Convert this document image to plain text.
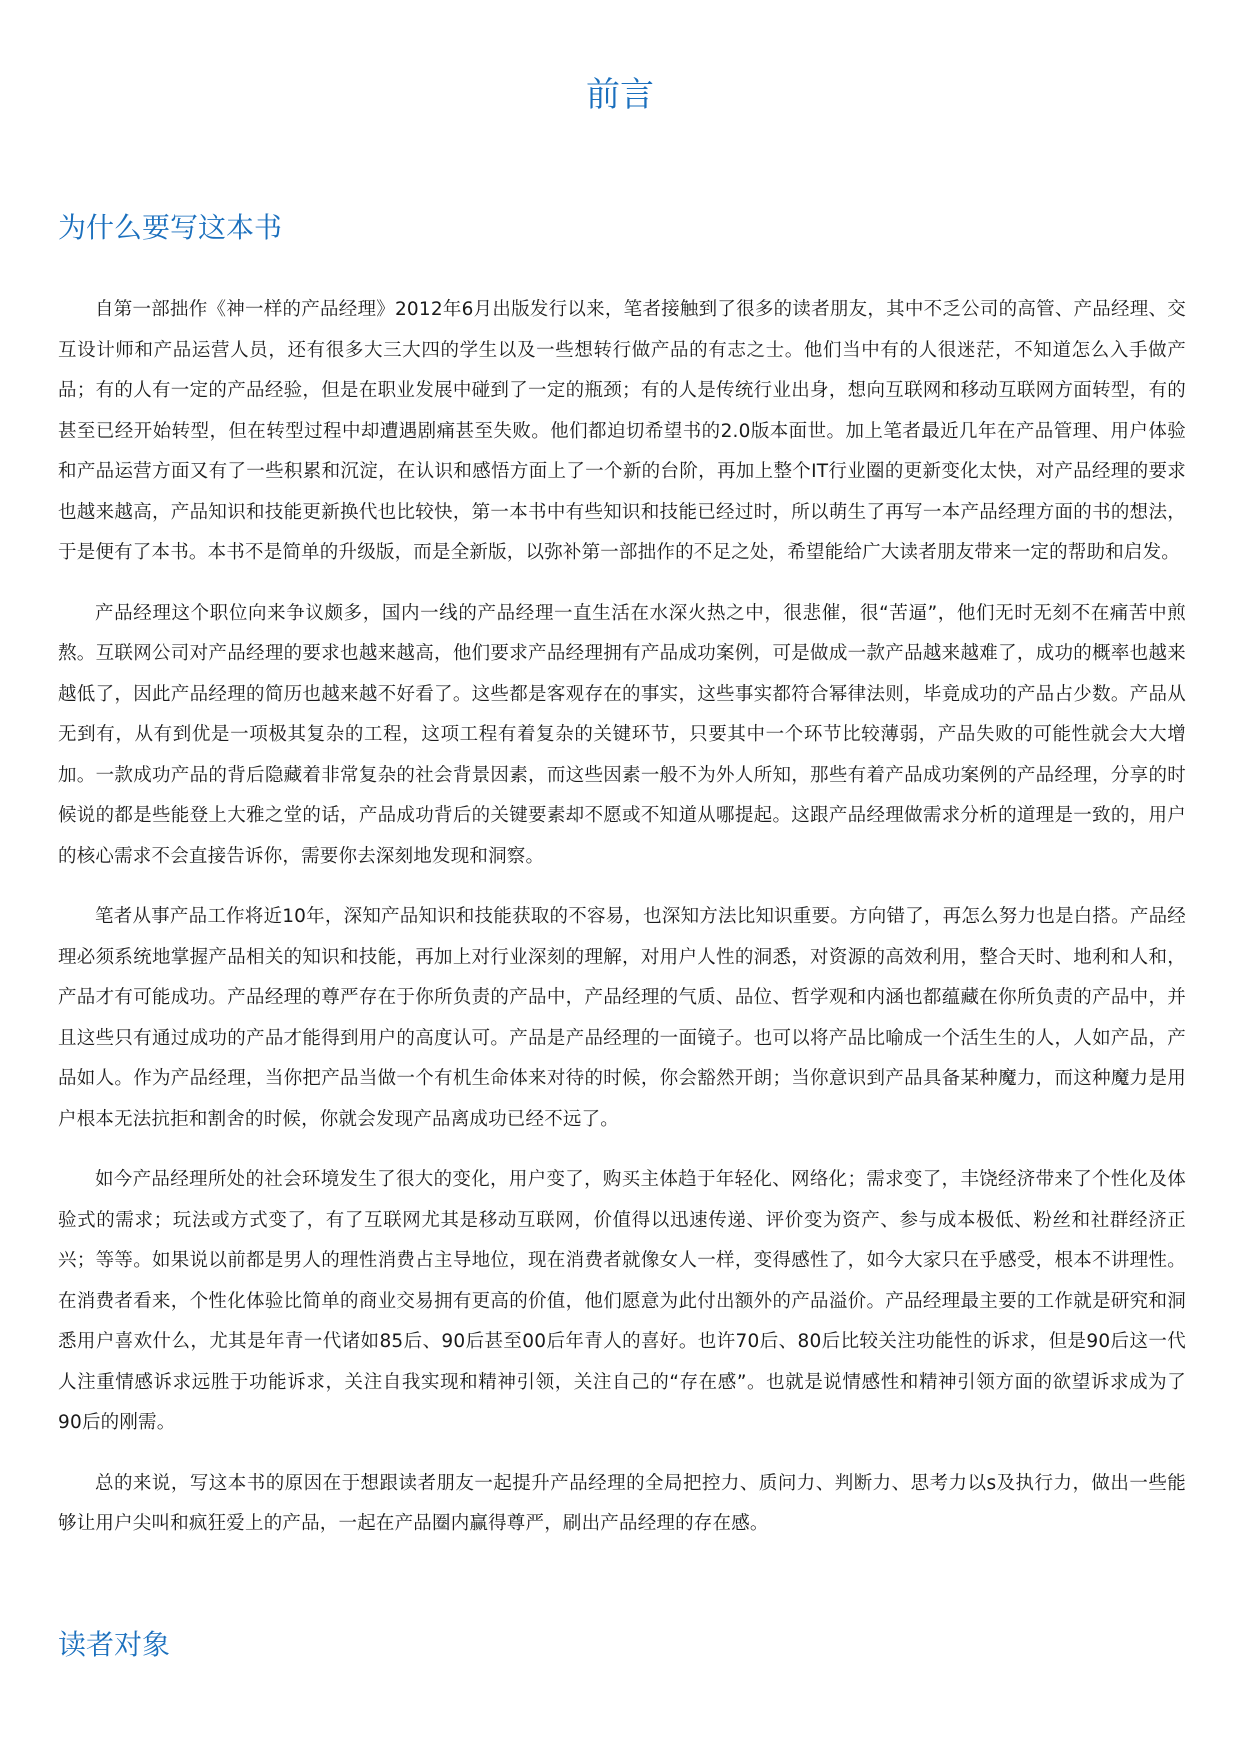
前言
为什么要写这本书

自第一部拙作《神一样的产品经理》2012年6月出版发行以来，笔者接触到了很多的读者朋友，其中不乏公司的高管、产品经理、交互设计师和产品运营人员，还有很多大三大四的学生以及一些想转行做产品的有志之士。他们当中有的人很迷茫，不知道怎么入手做产品；有的人有一定的产品经验，但是在职业发展中碰到了一定的瓶颈；有的人是传统行业出身，想向互联网和移动互联网方面转型，有的甚至已经开始转型，但在转型过程中却遭遇剧痛甚至失败。他们都迫切希望书的2.0版本面世。加上笔者最近几年在产品管理、用户体验和产品运营方面又有了一些积累和沉淀，在认识和感悟方面上了一个新的台阶，再加上整个IT行业圈的更新变化太快，对产品经理的要求也越来越高，产品知识和技能更新换代也比较快，第一本书中有些知识和技能已经过时，所以萌生了再写一本产品经理方面的书的想法，于是便有了本书。本书不是简单的升级版，而是全新版，以弥补第一部拙作的不足之处，希望能给广大读者朋友带来一定的帮助和启发。

产品经理这个职位向来争议颇多，国内一线的产品经理一直生活在水深火热之中，很悲催，很“苦逼”，他们无时无刻不在痛苦中煎熬。互联网公司对产品经理的要求也越来越高，他们要求产品经理拥有产品成功案例，可是做成一款产品越来越难了，成功的概率也越来越低了，因此产品经理的简历也越来越不好看了。这些都是客观存在的事实，这些事实都符合幂律法则，毕竟成功的产品占少数。产品从无到有，从有到优是一项极其复杂的工程，这项工程有着复杂的关键环节，只要其中一个环节比较薄弱，产品失败的可能性就会大大增加。一款成功产品的背后隐藏着非常复杂的社会背景因素，而这些因素一般不为外人所知，那些有着产品成功案例的产品经理，分享的时候说的都是些能登上大雅之堂的话，产品成功背后的关键要素却不愿或不知道从哪提起。这跟产品经理做需求分析的道理是一致的，用户的核心需求不会直接告诉你，需要你去深刻地发现和洞察。

笔者从事产品工作将近10年，深知产品知识和技能获取的不容易，也深知方法比知识重要。方向错了，再怎么努力也是白搭。产品经理必须系统地掌握产品相关的知识和技能，再加上对行业深刻的理解，对用户人性的洞悉，对资源的高效利用，整合天时、地利和人和，产品才有可能成功。产品经理的尊严存在于你所负责的产品中，产品经理的气质、品位、哲学观和内涵也都蕴藏在你所负责的产品中，并且这些只有通过成功的产品才能得到用户的高度认可。产品是产品经理的一面镜子。也可以将产品比喻成一个活生生的人，人如产品，产品如人。作为产品经理，当你把产品当做一个有机生命体来对待的时候，你会豁然开朗；当你意识到产品具备某种魔力，而这种魔力是用户根本无法抗拒和割舍的时候，你就会发现产品离成功已经不远了。

如今产品经理所处的社会环境发生了很大的变化，用户变了，购买主体趋于年轻化、网络化；需求变了，丰饶经济带来了个性化及体验式的需求；玩法或方式变了，有了互联网尤其是移动互联网，价值得以迅速传递、评价变为资产、参与成本极低、粉丝和社群经济正兴；等等。如果说以前都是男人的理性消费占主导地位，现在消费者就像女人一样，变得感性了，如今大家只在乎感受，根本不讲理性。在消费者看来，个性化体验比简单的商业交易拥有更高的价值，他们愿意为此付出额外的产品溢价。产品经理最主要的工作就是研究和洞悉用户喜欢什么，尤其是年青一代诸如85后、90后甚至00后年青人的喜好。也许70后、80后比较关注功能性的诉求，但是90后这一代人注重情感诉求远胜于功能诉求，关注自我实现和精神引领，关注自己的“存在感”。也就是说情感性和精神引领方面的欲望诉求成为了90后的刚需。

总的来说，写这本书的原因在于想跟读者朋友一起提升产品经理的全局把控力、质问力、判断力、思考力以s及执行力，做出一些能够让用户尖叫和疯狂爱上的产品，一起在产品圈内赢得尊严，刷出产品经理的存在感。

读者对象
